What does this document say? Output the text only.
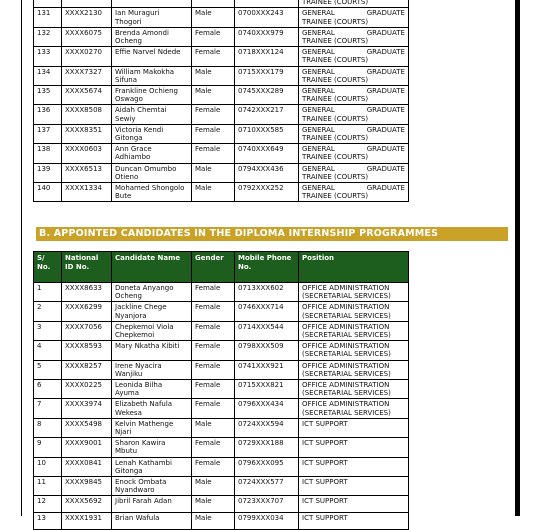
TRAINEE (COURTS)

131	XXXX2130	Ian Muraguri Thogori	Male	0700XXX243	GENERAL GRADUATE
TRAINEE (COURTS)

132	XXXX6075	Brenda Amondi Ocheng	Female	0740XXX979	GENERAL GRADUATE
TRAINEE (COURTS)

133	XXXX0270	Effie Narvel Ndede	Female	0718XXX124	GENERAL GRADUATE
TRAINEE (COURTS)

134	XXXX7327	William Makokha Sifuna	Male	0715XXX179	GENERAL GRADUATE
TRAINEE (COURTS)

135	XXXX5674	Frankline Ochieng Oswago	Male	0745XXX289	GENERAL GRADUATE
TRAINEE (COURTS)

136	XXXX8508	Aidah Chemtai Sewiy	Female	0742XXX217	GENERAL GRADUATE
TRAINEE (COURTS)

137	XXXX8351	Victoria Kendi Gitonga	Female	0710XXX585	GENERAL GRADUATE
TRAINEE (COURTS)

138	XXXX0603	Ann Grace Adhiambo	Female	0740XXX649	GENERAL GRADUATE
TRAINEE (COURTS)

139	XXXX6513	Duncan Omumbo Otieno	Male	0794XXX436	GENERAL GRADUATE
TRAINEE (COURTS)

140	XXXX1334	Mohamed Shongolo Bute	Male	0792XXX252	GENERAL GRADUATE
TRAINEE (COURTS)
B. APPOINTED CANDIDATES IN THE DIPLOMA INTERNSHIP PROGRAMMES
S/ No.	National ID No.	Candidate Name	Gender	Mobile Phone No.	Position
1	XXXX8633	Doneta Anyango Ocheng	Female	0713XXX602	OFFICE ADMINISTRATION
(SECRETARIAL SERVICES)

2	XXXX6299	Jackline Chege Nyanjora	Female	0746XXX714	OFFICE ADMINISTRATION
(SECRETARIAL SERVICES)

3	XXXX7056	Chepkemoi Viola Chepkemoi	Female	0714XXX544	OFFICE ADMINISTRATION
(SECRETARIAL SERVICES)

4	XXXX8593	Mary Nkatha Kibiti	Female	0798XXX509	OFFICE ADMINISTRATION
(SECRETARIAL SERVICES)

5	XXXX8257	Irene Nyacira Wanjiku	Female	0741XXX921	OFFICE ADMINISTRATION
(SECRETARIAL SERVICES)

6	XXXX0225	Leonida Bilha Ayuma	Female	0715XXX821	OFFICE ADMINISTRATION
(SECRETARIAL SERVICES)

7	XXXX3974	Elizabeth Nafula Wekesa	Female	0796XXX434	OFFICE ADMINISTRATION
(SECRETARIAL SERVICES)

8	XXXX5498	Kelvin Mathenge Njari	Male	0724XXX594	ICT SUPPORT

9	XXXX9001	Sharon Kawira Mbutu	Female	0729XXX188	ICT SUPPORT

10	XXXX0841	Lenah Kathambi Gitonga	Female	0796XXX095	ICT SUPPORT

11	XXXX9845	Enock Ombata Nyandwaro	Male	0724XXX577	ICT SUPPORT

12	XXXX5692	Jibril Farah Adan	Male	0723XXX707	ICT SUPPORT

13	XXXX1931	Brian Wafula	Male	0799XXX034	ICT SUPPORT
